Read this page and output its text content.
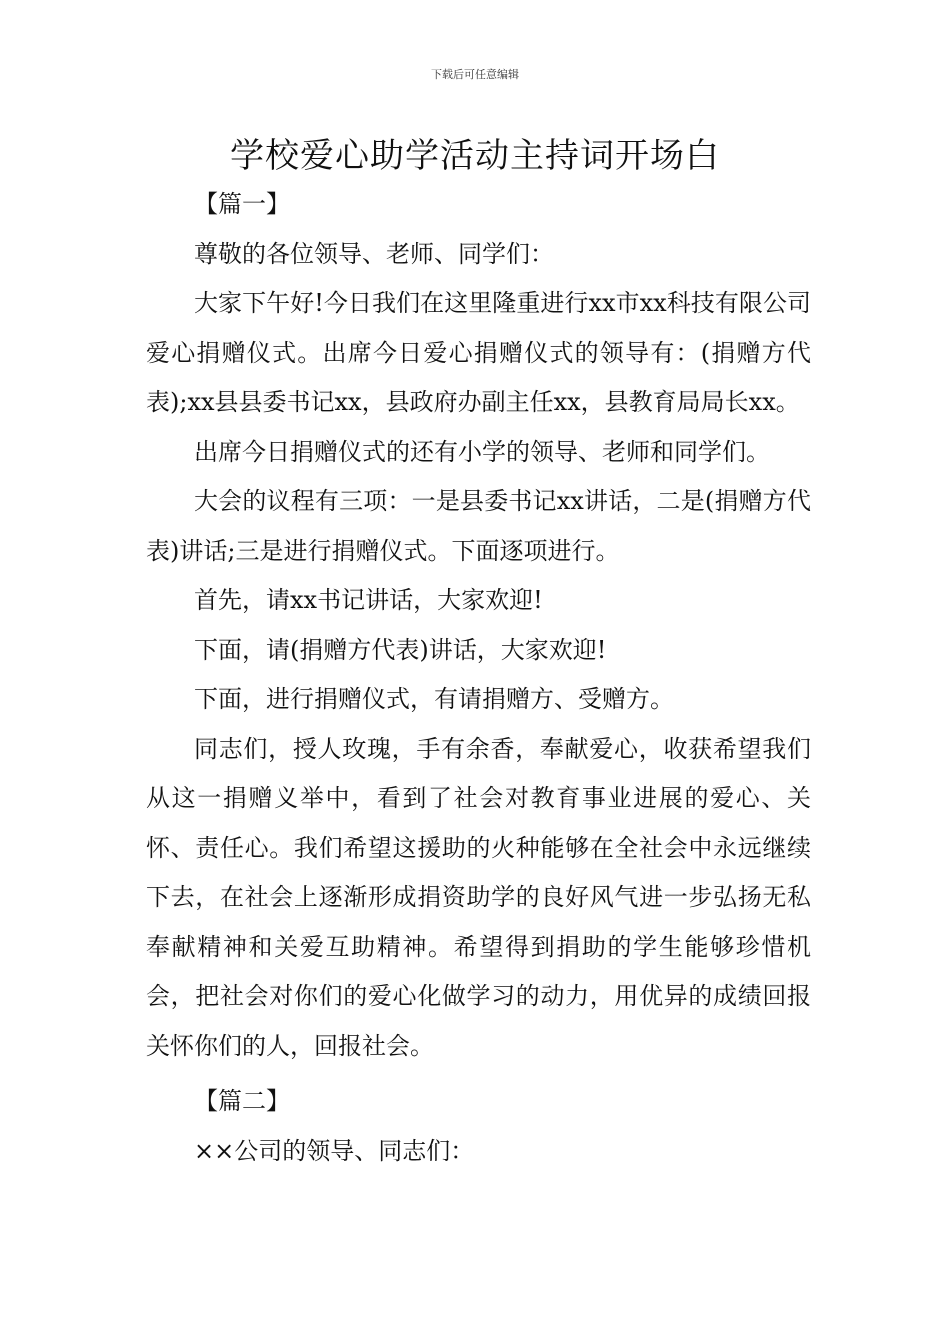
下载后可任意编辑
学校爱心助学活动主持词开场白

【篇一】

尊敬的各位领导、老师、同学们：

大家下午好!今日我们在这里隆重进行xx市xx科技有限公司爱心捐赠仪式。出席今日爱心捐赠仪式的领导有：(捐赠方代表);xx县县委书记xx，县政府办副主任xx，县教育局局长xx。

出席今日捐赠仪式的还有小学的领导、老师和同学们。

大会的议程有三项：一是县委书记xx讲话，二是(捐赠方代表)讲话;三是进行捐赠仪式。下面逐项进行。

首先，请xx书记讲话，大家欢迎!

下面，请(捐赠方代表)讲话，大家欢迎!

下面，进行捐赠仪式，有请捐赠方、受赠方。

同志们，授人玫瑰，手有余香，奉献爱心，收获希望我们从这一捐赠义举中，看到了社会对教育事业进展的爱心、关怀、责任心。我们希望这援助的火种能够在全社会中永远继续下去，在社会上逐渐形成捐资助学的良好风气进一步弘扬无私奉献精神和关爱互助精神。希望得到捐助的学生能够珍惜机会，把社会对你们的爱心化做学习的动力，用优异的成绩回报关怀你们的人，回报社会。

【篇二】

××公司的领导、同志们：
